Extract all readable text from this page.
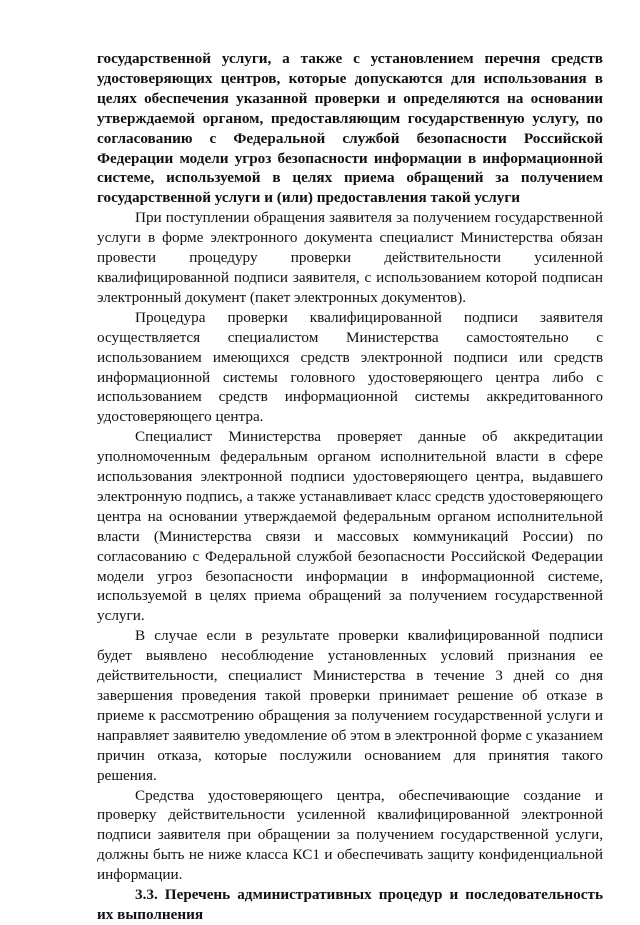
государственной услуги, а также с установлением перечня средств удостоверяющих центров, которые допускаются для использования в целях обеспечения указанной проверки и определяются на основании утверждаемой органом, предоставляющим государственную услугу, по согласованию с Федеральной службой безопасности Российской Федерации модели угроз безопасности информации в информационной системе, используемой в целях приема обращений за получением государственной услуги и (или) предоставления такой услуги

При поступлении обращения заявителя за получением государственной услуги в форме электронного документа специалист Министерства обязан провести процедуру проверки действительности усиленной квалифицированной подписи заявителя, с использованием которой подписан электронный документ (пакет электронных документов).

Процедура проверки квалифицированной подписи заявителя осуществляется специалистом Министерства самостоятельно с использованием имеющихся средств электронной подписи или средств информационной системы головного удостоверяющего центра либо с использованием средств информационной системы аккредитованного удостоверяющего центра.

Специалист Министерства проверяет данные об аккредитации уполномоченным федеральным органом исполнительной власти в сфере использования электронной подписи удостоверяющего центра, выдавшего электронную подпись, а также устанавливает класс средств удостоверяющего центра на основании утверждаемой федеральным органом исполнительной власти (Министерства связи и массовых коммуникаций России) по согласованию с Федеральной службой безопасности Российской Федерации модели угроз безопасности информации в информационной системе, используемой в целях приема обращений за получением государственной услуги.

В случае если в результате проверки квалифицированной подписи будет выявлено несоблюдение установленных условий признания ее действительности, специалист Министерства в течение 3 дней со дня завершения проведения такой проверки принимает решение об отказе в приеме к рассмотрению обращения за получением государственной услуги и направляет заявителю уведомление об этом в электронной форме с указанием причин отказа, которые послужили основанием для принятия такого решения.

Средства удостоверяющего центра, обеспечивающие создание и проверку действительности усиленной квалифицированной электронной подписи заявителя при обращении за получением государственной услуги, должны быть не ниже класса КС1 и обеспечивать защиту конфиденциальной информации.

3.3. Перечень административных процедур и последовательность их выполнения
